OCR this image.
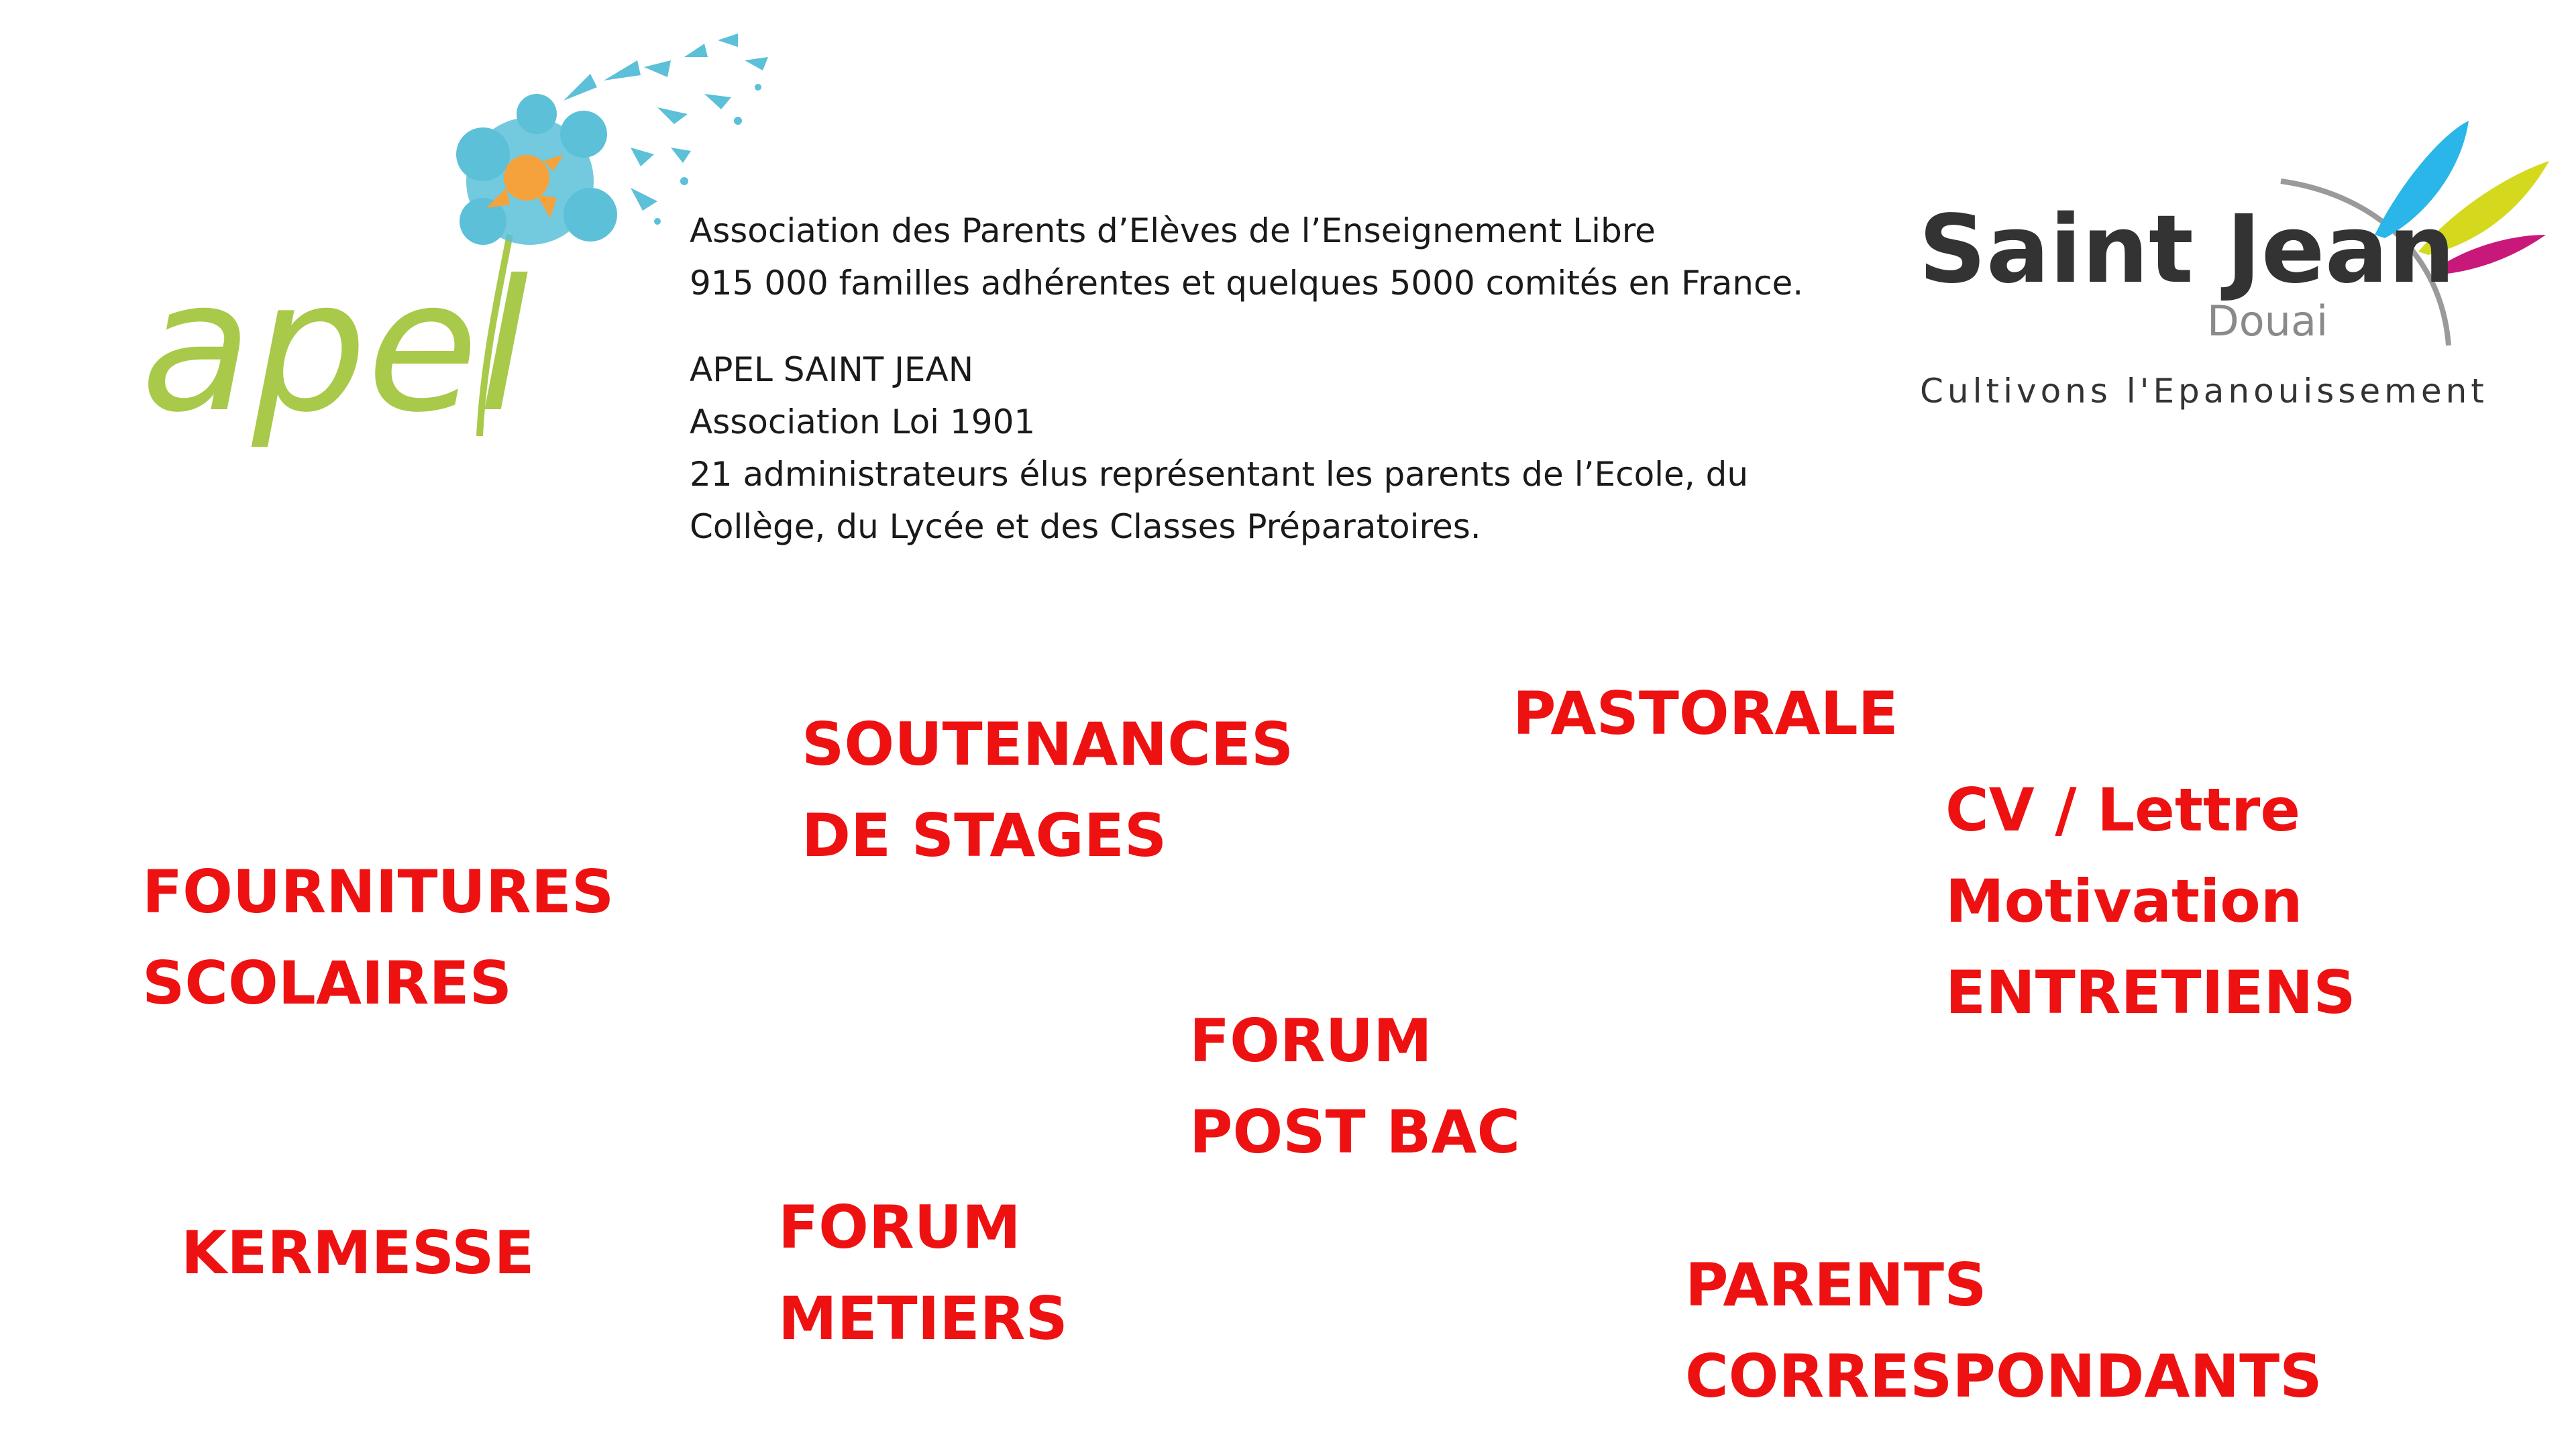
apel	Saint Jean
Douai
Cultivons l'Epanouissement
Association des Parents d’Elèves de l’Enseignement Libre
915 000 familles adhérentes et quelques 5000 comités en France.
APEL SAINT JEAN
Association Loi 1901
21 administrateurs élus représentant les parents de l’Ecole, du
Collège, du Lycée et des Classes Préparatoires.
FOURNITURES
SCOLAIRES
SOUTENANCES
DE STAGES
PASTORALE
CV / Lettre
Motivation
ENTRETIENS
FORUM
POST BAC
KERMESSE	FORUM
METIERS	PARENTS
CORRESPONDANTS
